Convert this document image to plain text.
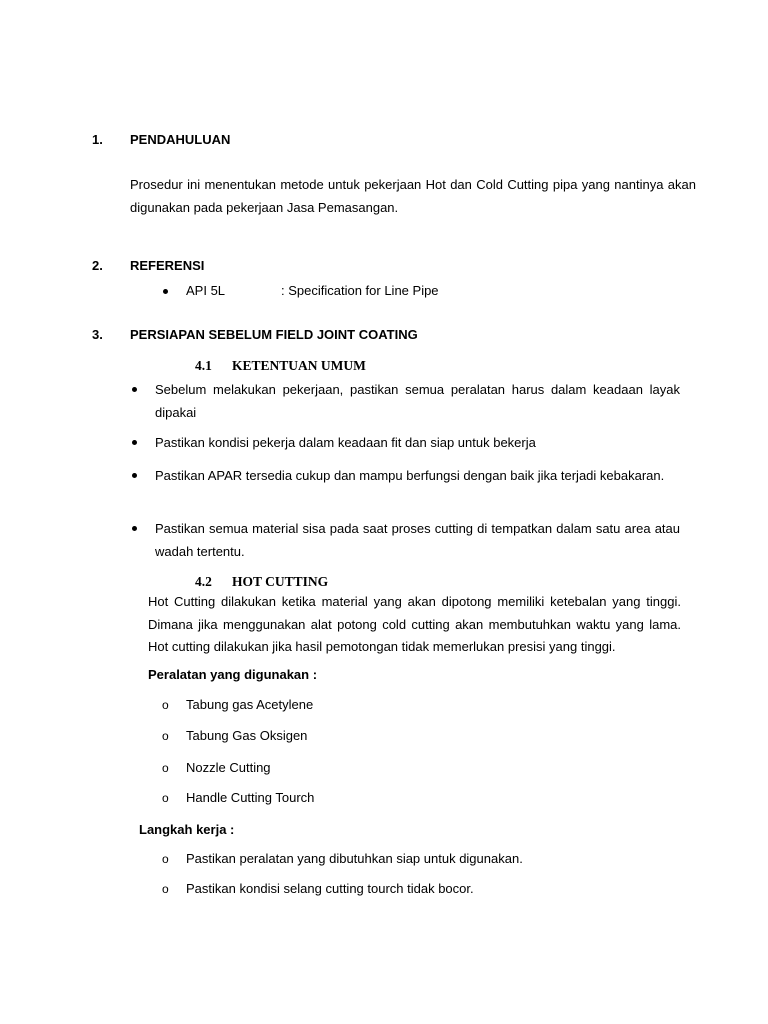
1. PENDAHULUAN
Prosedur ini menentukan metode untuk pekerjaan Hot dan Cold Cutting pipa yang nantinya akan digunakan pada pekerjaan Jasa Pemasangan.
2. REFERENSI
API 5L	: Specification for Line Pipe
3. PERSIAPAN SEBELUM FIELD JOINT COATING
4.1 KETENTUAN UMUM
Sebelum melakukan pekerjaan, pastikan semua peralatan harus dalam keadaan layak dipakai
Pastikan kondisi pekerja dalam keadaan fit dan siap untuk bekerja
Pastikan APAR tersedia cukup dan mampu berfungsi dengan baik jika terjadi kebakaran.
Pastikan semua material sisa pada saat proses cutting di tempatkan dalam satu area atau wadah tertentu.
4.2 HOT CUTTING
Hot Cutting dilakukan ketika material yang akan dipotong memiliki ketebalan yang tinggi. Dimana jika menggunakan alat potong cold cutting akan membutuhkan waktu yang lama. Hot cutting dilakukan jika hasil pemotongan tidak memerlukan presisi yang tinggi.
Peralatan yang digunakan :
o Tabung gas Acetylene
o Tabung Gas Oksigen
o Nozzle Cutting
o Handle Cutting Tourch
Langkah kerja :
o Pastikan peralatan yang dibutuhkan siap untuk digunakan.
o Pastikan kondisi selang cutting tourch tidak bocor.
